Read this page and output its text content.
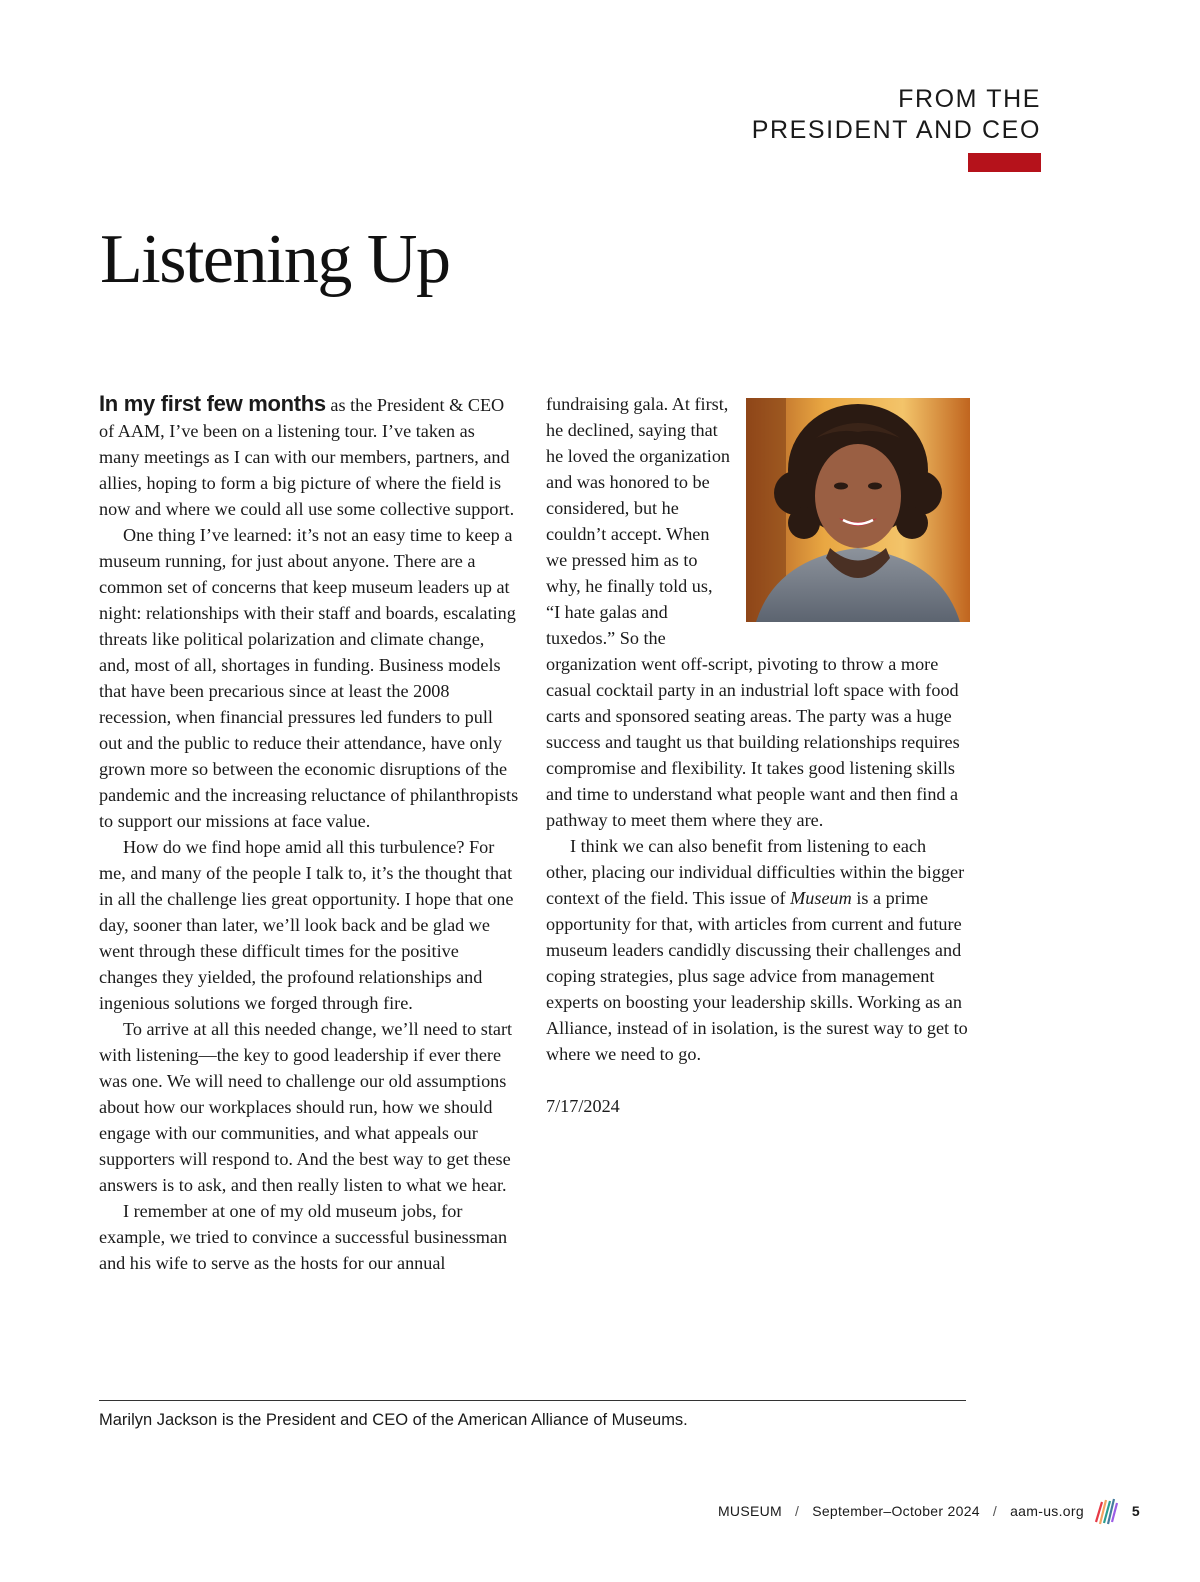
FROM THE
PRESIDENT AND CEO
Listening Up

In my first few months as the President & CEO of AAM, I’ve been on a listening tour. I’ve taken as many meetings as I can with our members, partners, and allies, hoping to form a big picture of where the field is now and where we could all use some collective support.

One thing I’ve learned: it’s not an easy time to keep a museum running, for just about anyone. There are a common set of concerns that keep museum leaders up at night: relationships with their staff and boards, escalating threats like political polarization and climate change, and, most of all, shortages in funding. Business models that have been precarious since at least the 2008 recession, when financial pressures led funders to pull out and the public to reduce their attendance, have only grown more so between the economic disruptions of the pandemic and the increasing reluctance of philanthropists to support our missions at face value.

How do we find hope amid all this turbulence? For me, and many of the people I talk to, it’s the thought that in all the challenge lies great opportunity. I hope that one day, sooner than later, we’ll look back and be glad we went through these difficult times for the positive changes they yielded, the profound relationships and ingenious solutions we forged through fire.

To arrive at all this needed change, we’ll need to start with listening—the key to good leadership if ever there was one. We will need to challenge our old assumptions about how our workplaces should run, how we should engage with our communities, and what appeals our supporters will respond to. And the best way to get these answers is to ask, and then really listen to what we hear.

I remember at one of my old museum jobs, for example, we tried to convince a successful businessman and his wife to serve as the hosts for our annual

fundraising gala. At first, he declined, saying that he loved the organization and was honored to be considered, but he couldn’t accept. When we pressed him as to why, he finally told us, “I hate galas and tuxedos.” So the organization went off-script, pivoting to throw a more casual cocktail party in an industrial loft space with food carts and sponsored seating areas. The party was a huge success and taught us that building relationships requires compromise and flexibility. It takes good listening skills and time to understand what people want and then find a pathway to meet them where they are.

I think we can also benefit from listening to each other, placing our individual difficulties within the bigger context of the field. This issue of Museum is a prime opportunity for that, with articles from current and future museum leaders candidly discussing their challenges and coping strategies, plus sage advice from management experts on boosting your leadership skills. Working as an Alliance, instead of in isolation, is the surest way to get to where we need to go.

7/17/2024

Marilyn Jackson is the President and CEO of the American Alliance of Museums.
MUSEUM / September–October 2024 / aam-us.org	5
